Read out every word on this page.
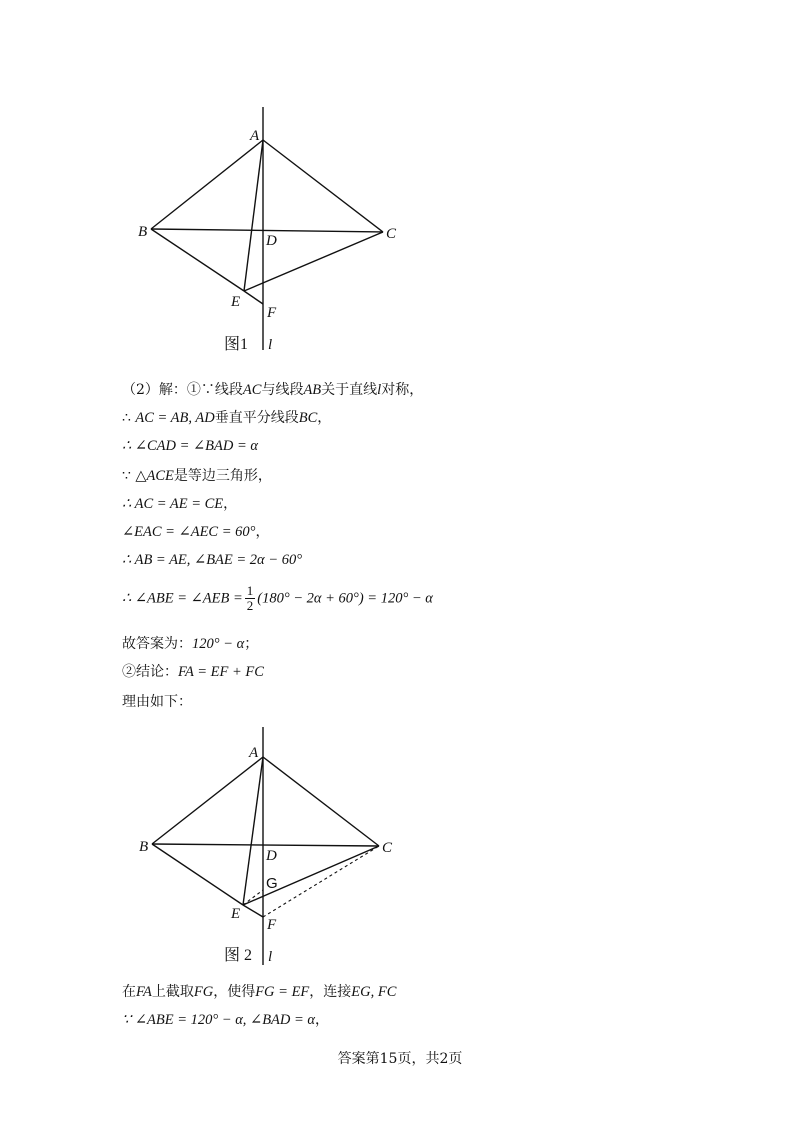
A
B	C
D
E
F
l
图1
A
B	C
D
G
E
F
l
图 2
（2）解：①∵线段AC与线段AB关于直线l对称，
∴ AC = AB, AD垂直平分线段BC，
∴ ∠CAD = ∠BAD = α
∵ △ACE是等边三角形，
∴ AC = AE = CE，
∠EAC = ∠AEC = 60°，
∴ AB = AE, ∠BAE = 2α − 60°
∴ ∠ABE = ∠AEB = $\frac{1}{2} (180^\circ - 2\alpha + 60^\circ) = 120^\circ - \alpha$
故答案为：120° − α；
②结论：FA = EF + FC
理由如下：
在FA上截取FG，使得FG = EF，连接EG, FC
∵ ∠ABE = 120° − α, ∠BAD = α，
答案第15页，共2页
